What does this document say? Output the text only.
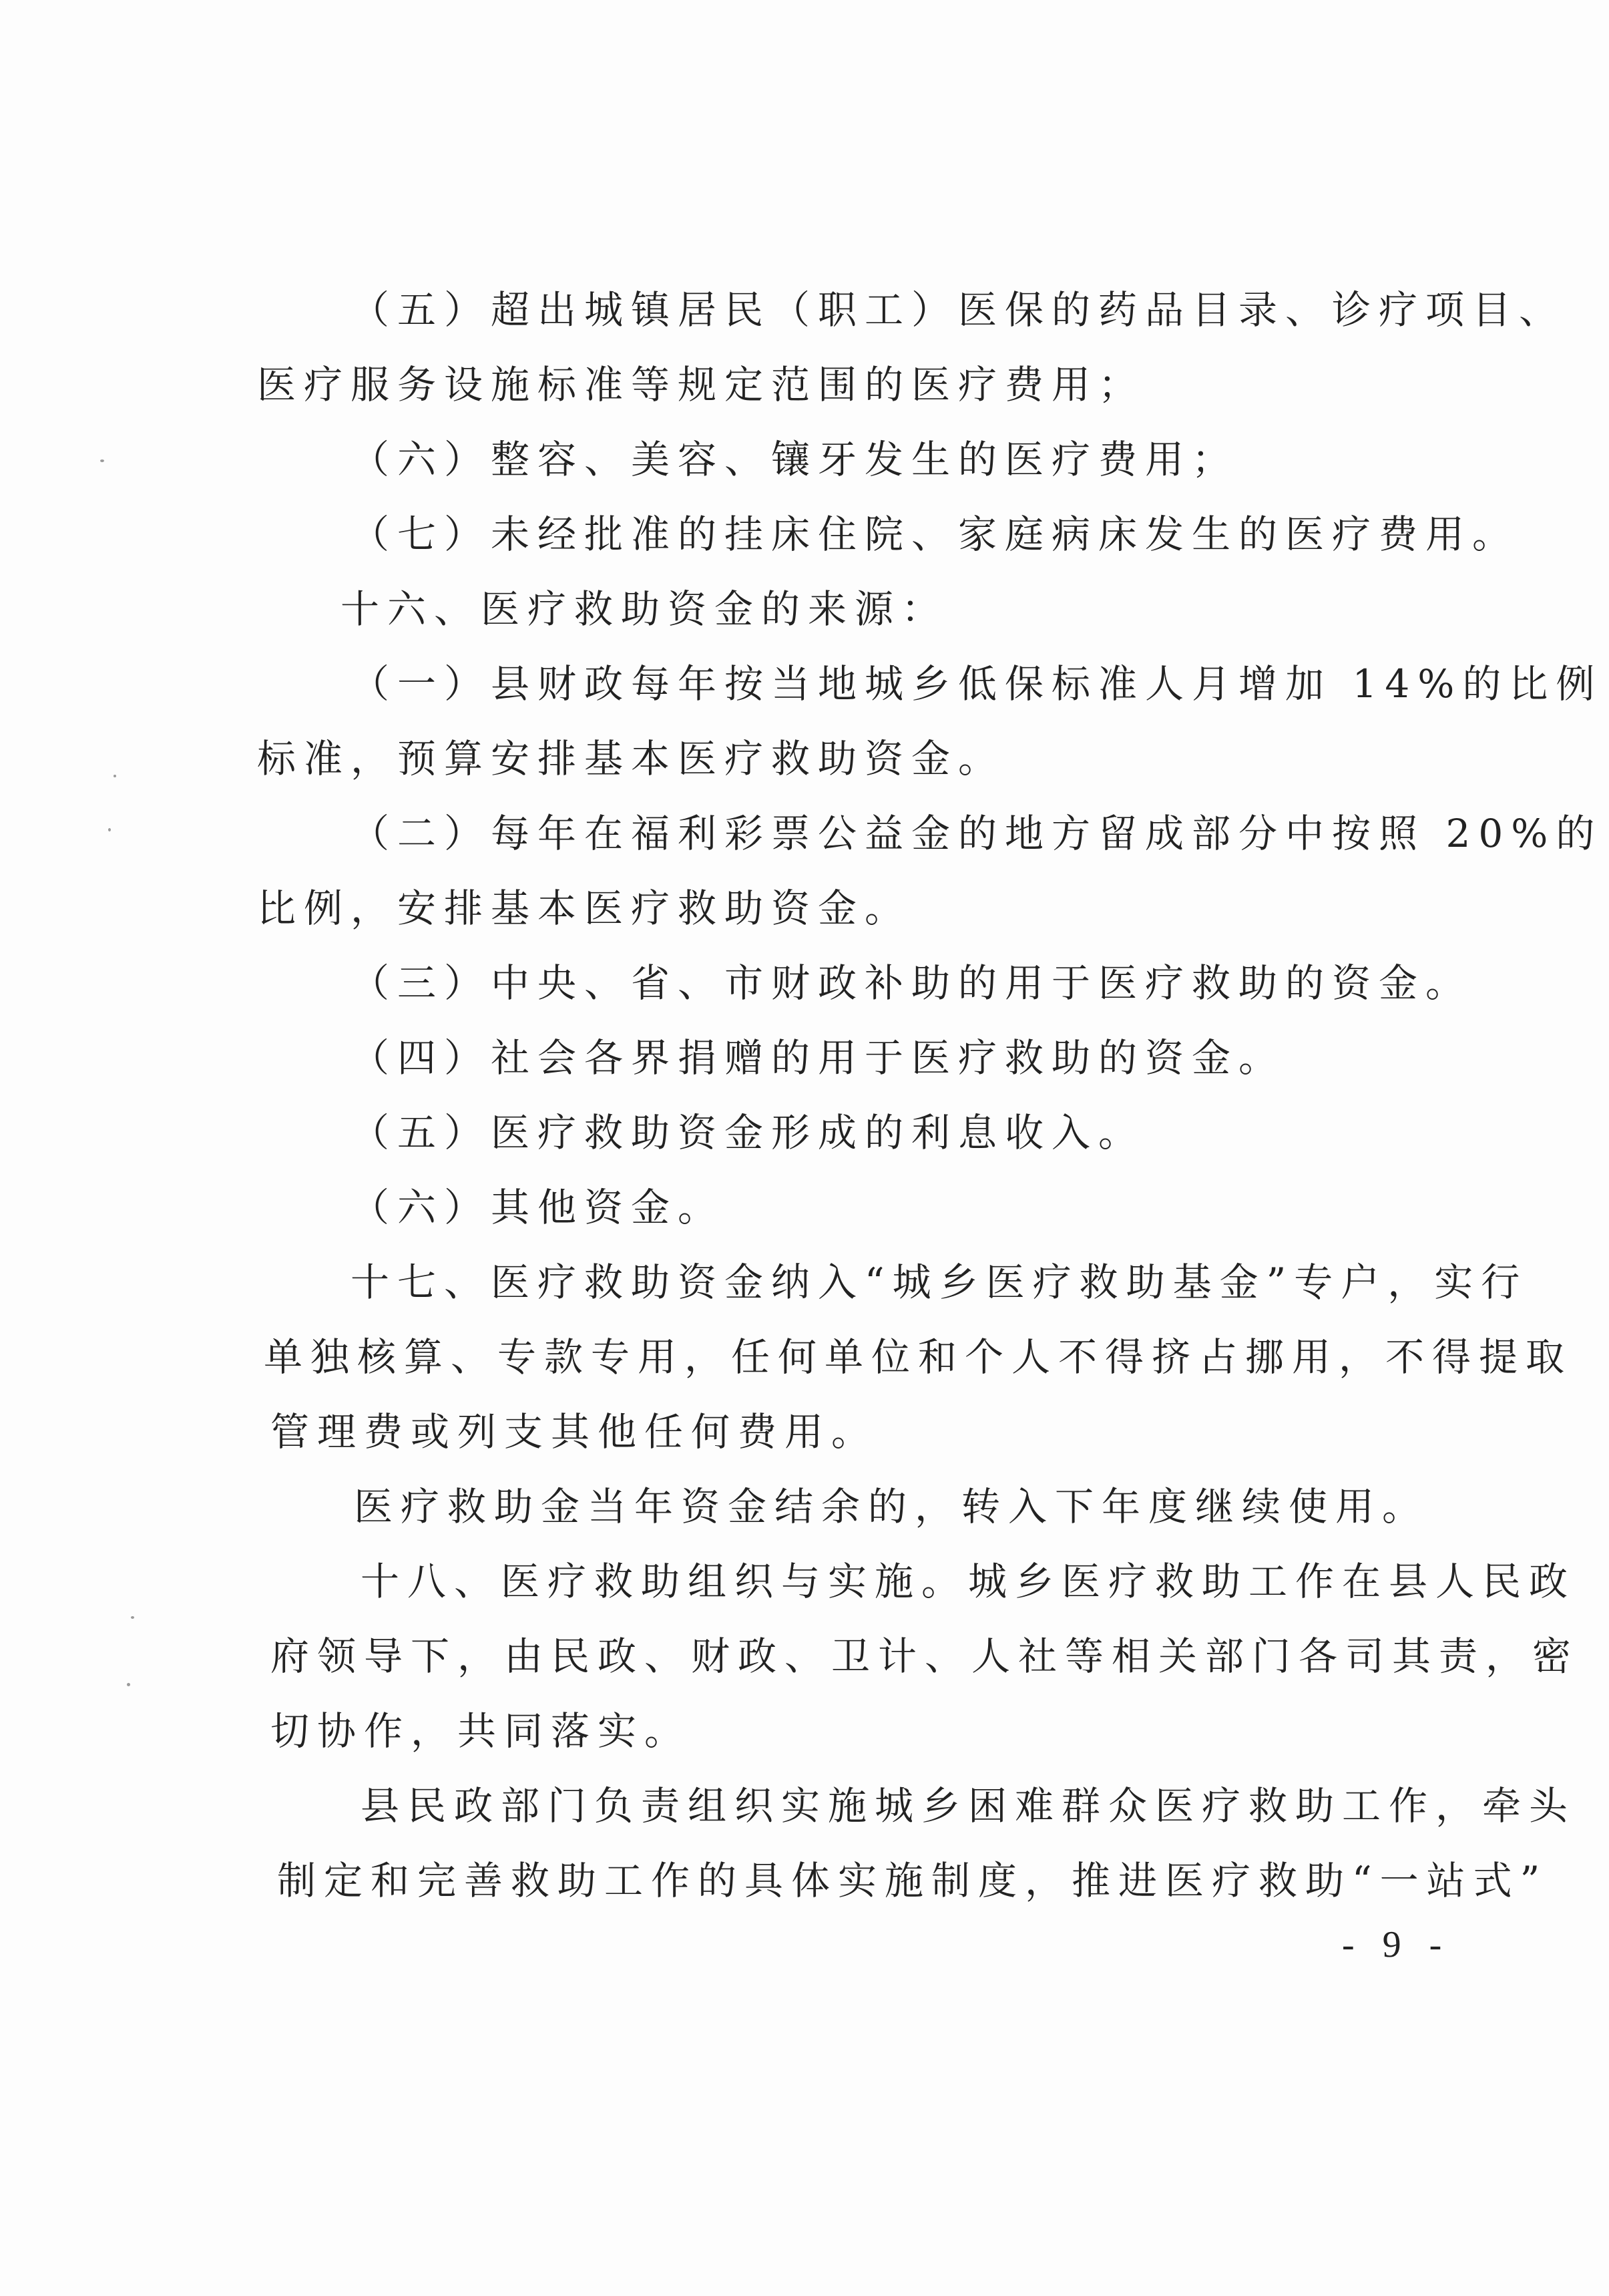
（五）超出城镇居民（职工）医保的药品目录、诊疗项目、
医疗服务设施标准等规定范围的医疗费用；
（六）整容、美容、镶牙发生的医疗费用；
（七）未经批准的挂床住院、家庭病床发生的医疗费用。
十六、医疗救助资金的来源：
（一）县财政每年按当地城乡低保标准人月增加 14%的比例
标准，预算安排基本医疗救助资金。
（二）每年在福利彩票公益金的地方留成部分中按照 20%的
比例，安排基本医疗救助资金。
（三）中央、省、市财政补助的用于医疗救助的资金。
（四）社会各界捐赠的用于医疗救助的资金。
（五）医疗救助资金形成的利息收入。
（六）其他资金。
十七、医疗救助资金纳入“城乡医疗救助基金”专户，实行
单独核算、专款专用，任何单位和个人不得挤占挪用，不得提取
管理费或列支其他任何费用。
医疗救助金当年资金结余的，转入下年度继续使用。
十八、医疗救助组织与实施。城乡医疗救助工作在县人民政
府领导下，由民政、财政、卫计、人社等相关部门各司其责，密
切协作，共同落实。
县民政部门负责组织实施城乡困难群众医疗救助工作，牵头
制定和完善救助工作的具体实施制度，推进医疗救助“一站式”
- 9 -
